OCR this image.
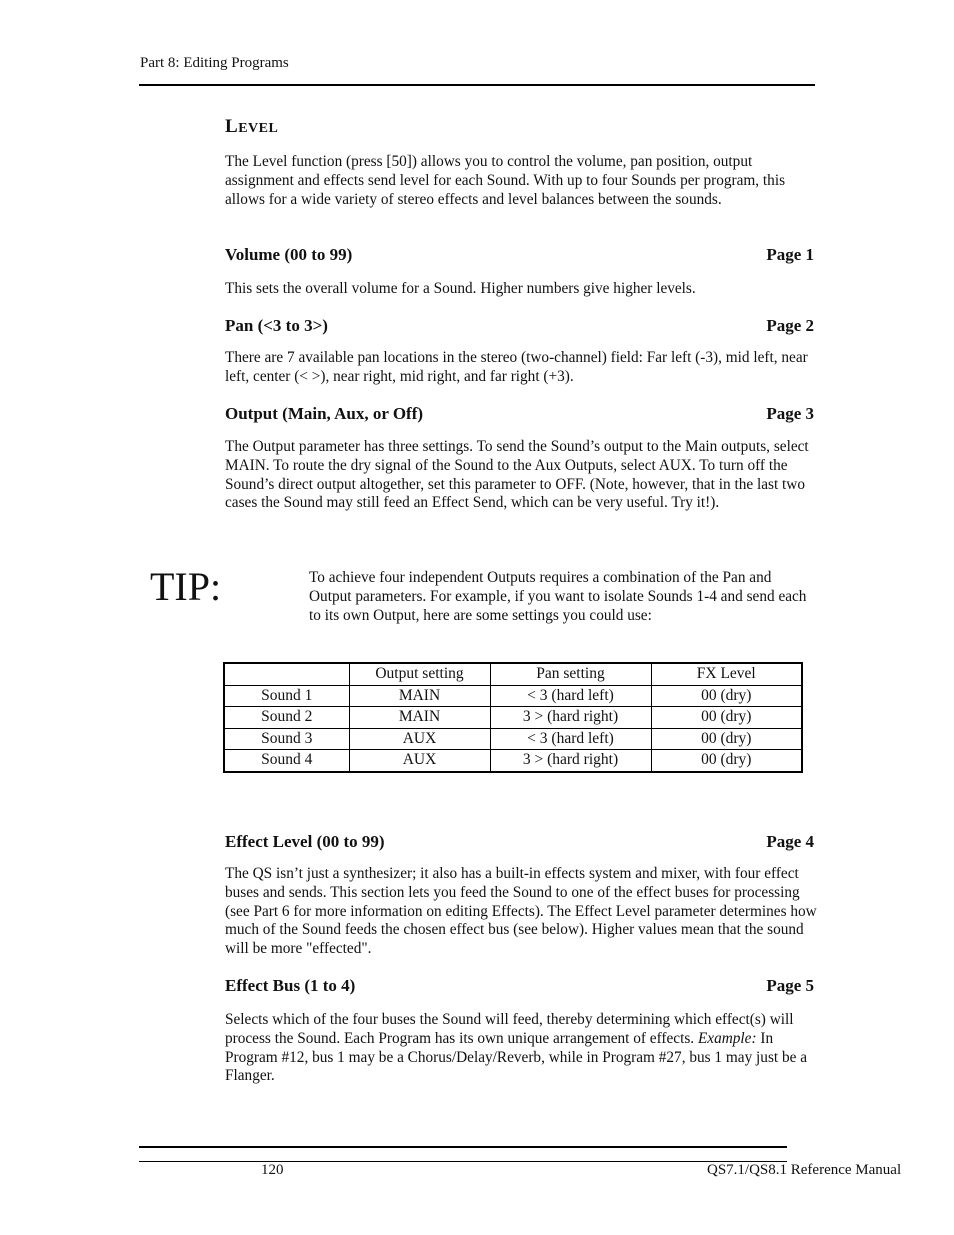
Part 8: Editing Programs
LEVEL
The Level function (press [50]) allows you to control the volume, pan position, output assignment and effects send level for each Sound. With up to four Sounds per program, this allows for a wide variety of stereo effects and level balances between the sounds.
Volume (00 to 99)	Page 1
This sets the overall volume for a Sound. Higher numbers give higher levels.
Pan (<3 to 3>)	Page 2
There are 7 available pan locations in the stereo (two-channel) field: Far left (-3), mid left, near left, center (< >), near right, mid right, and far right (+3).
Output (Main, Aux, or Off)	Page 3
The Output parameter has three settings. To send the Sound’s output to the Main outputs, select MAIN. To route the dry signal of the Sound to the Aux Outputs, select AUX. To turn off the Sound’s direct output altogether, set this parameter to OFF. (Note, however, that in the last two cases the Sound may still feed an Effect Send, which can be very useful. Try it!).
TIP:	To achieve four independent Outputs requires a combination of the Pan and Output parameters. For example, if you want to isolate Sounds 1-4 and send each to its own Output, here are some settings you could use:
	Output setting	Pan setting	FX Level
Sound 1	MAIN	< 3 (hard left)	00 (dry)
Sound 2	MAIN	3 > (hard right)	00 (dry)
Sound 3	AUX	< 3 (hard left)	00 (dry)
Sound 4	AUX	3 > (hard right)	00 (dry)
Effect Level (00 to 99)	Page 4
The QS isn’t just a synthesizer; it also has a built-in effects system and mixer, with four effect buses and sends. This section lets you feed the Sound to one of the effect buses for processing (see Part 6 for more information on editing Effects). The Effect Level parameter determines how much of the Sound feeds the chosen effect bus (see below). Higher values mean that the sound will be more "effected".
Effect Bus (1 to 4)	Page 5
Selects which of the four buses the Sound will feed, thereby determining which effect(s) will process the Sound. Each Program has its own unique arrangement of effects. Example: In Program #12, bus 1 may be a Chorus/Delay/Reverb, while in Program #27, bus 1 may just be a Flanger.
120	QS7.1/QS8.1 Reference Manual
